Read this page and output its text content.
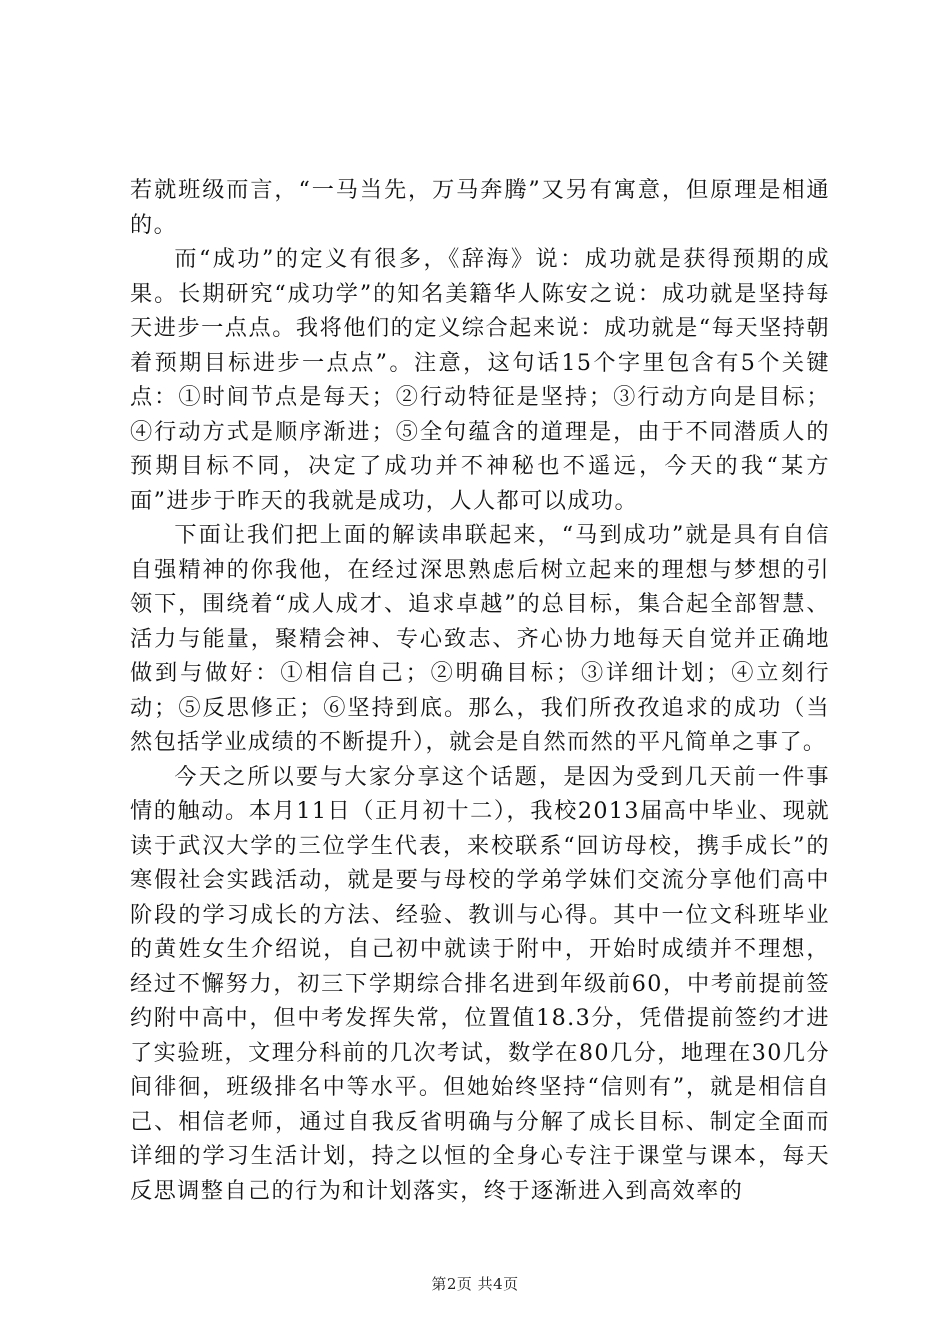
若就班级而言，“一马当先，万马奔腾”又另有寓意，但原理是相通的。

而“成功”的定义有很多，《辞海》说：成功就是获得预期的成果。长期研究“成功学”的知名美籍华人陈安之说：成功就是坚持每天进步一点点。我将他们的定义综合起来说：成功就是“每天坚持朝着预期目标进步一点点”。注意，这句话15个字里包含有5个关键点：①时间节点是每天；②行动特征是坚持；③行动方向是目标；④行动方式是顺序渐进；⑤全句蕴含的道理是，由于不同潜质人的预期目标不同，决定了成功并不神秘也不遥远，今天的我“某方面”进步于昨天的我就是成功，人人都可以成功。

下面让我们把上面的解读串联起来，“马到成功”就是具有自信自强精神的你我他，在经过深思熟虑后树立起来的理想与梦想的引领下，围绕着“成人成才、追求卓越”的总目标，集合起全部智慧、活力与能量，聚精会神、专心致志、齐心协力地每天自觉并正确地做到与做好：①相信自己；②明确目标；③详细计划；④立刻行动；⑤反思修正；⑥坚持到底。那么，我们所孜孜追求的成功（当然包括学业成绩的不断提升），就会是自然而然的平凡简单之事了。

今天之所以要与大家分享这个话题，是因为受到几天前一件事情的触动。本月11日（正月初十二），我校2013届高中毕业、现就读于武汉大学的三位学生代表，来校联系“回访母校，携手成长”的寒假社会实践活动，就是要与母校的学弟学妹们交流分享他们高中阶段的学习成长的方法、经验、教训与心得。其中一位文科班毕业的黄姓女生介绍说，自己初中就读于附中，开始时成绩并不理想，经过不懈努力，初三下学期综合排名进到年级前60，中考前提前签约附中高中，但中考发挥失常，位置值18.3分，凭借提前签约才进了实验班，文理分科前的几次考试，数学在80几分，地理在30几分间徘徊，班级排名中等水平。但她始终坚持“信则有”，就是相信自己、相信老师，通过自我反省明确与分解了成长目标、制定全面而详细的学习生活计划，持之以恒的全身心专注于课堂与课本，每天反思调整自己的行为和计划落实，终于逐渐进入到高效率的

第2页 共4页
